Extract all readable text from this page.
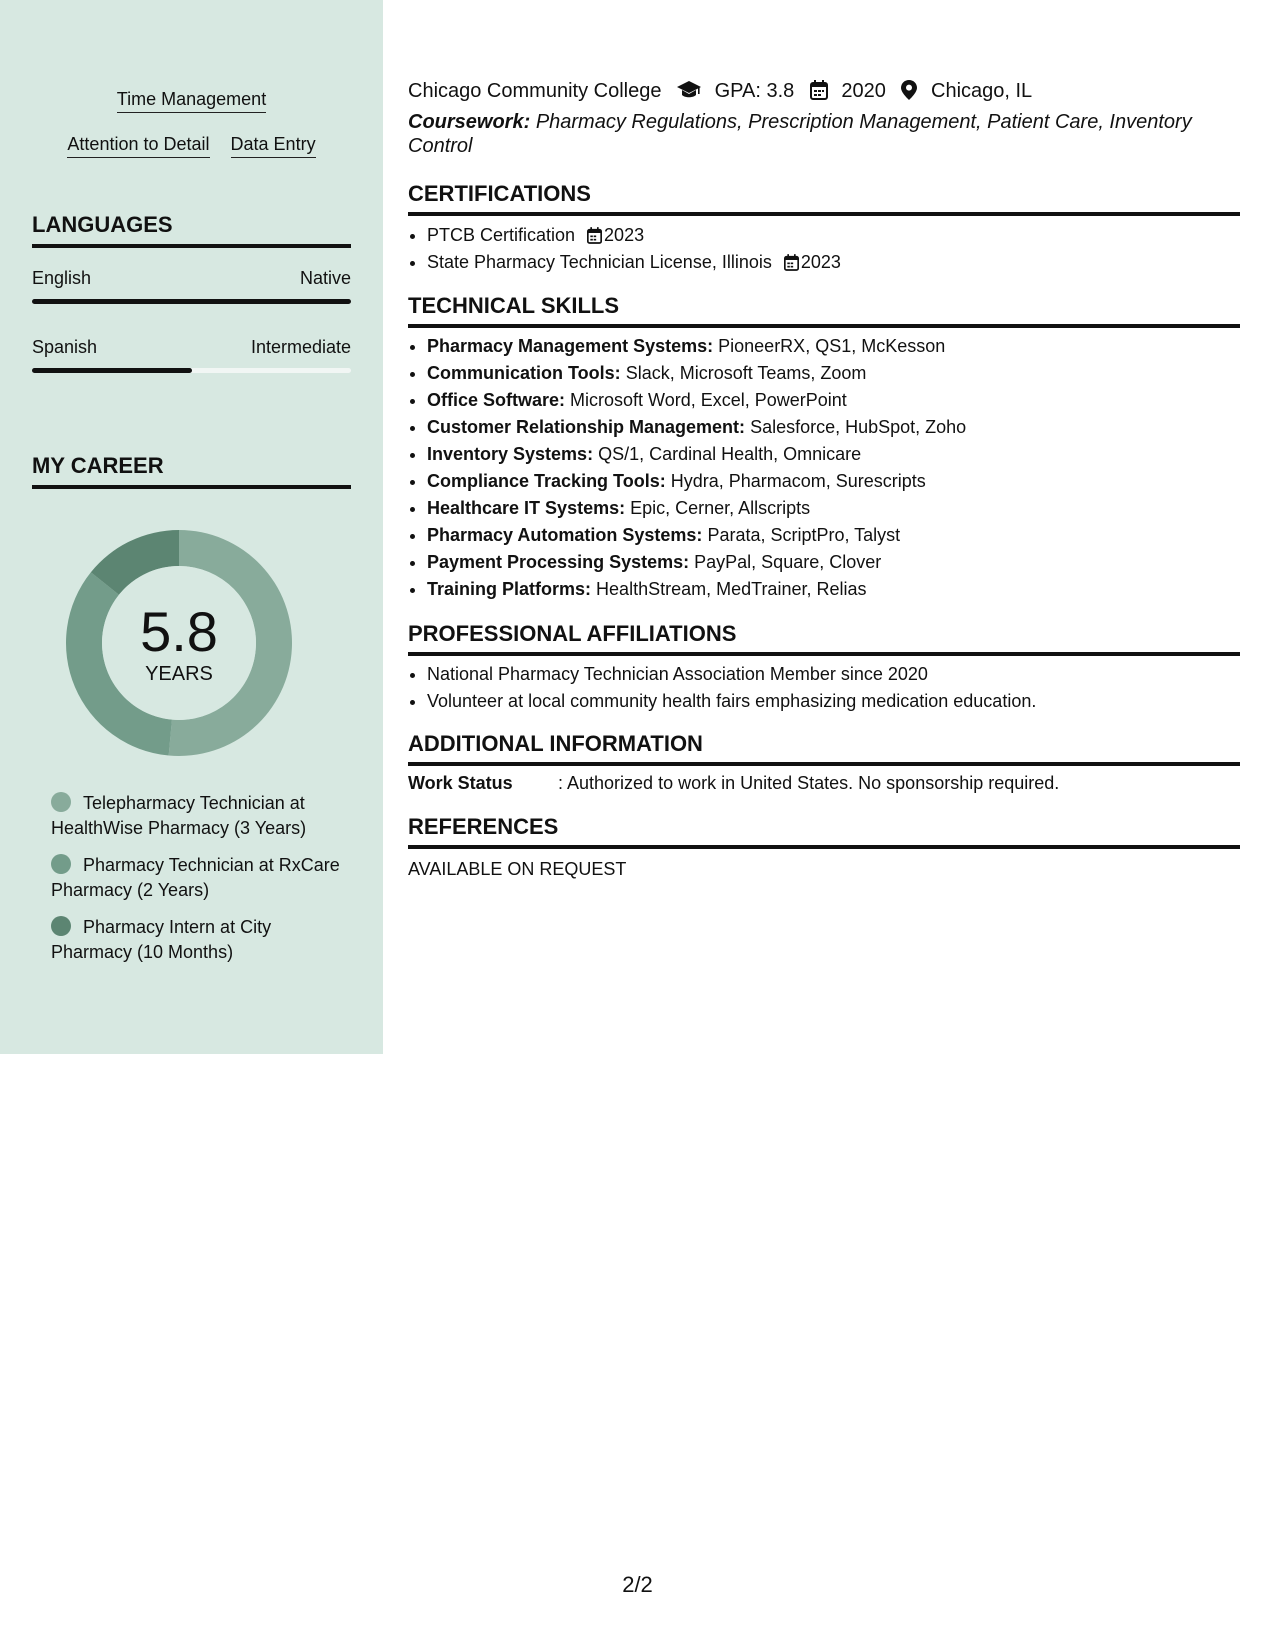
Time Management
Attention to Detail Data Entry
LANGUAGES
English	Native
Spanish	Intermediate
MY CAREER
5.8
YEARS
Telepharmacy Technician at HealthWise Pharmacy (3 Years)
Pharmacy Technician at RxCare Pharmacy (2 Years)
Pharmacy Intern at City Pharmacy (10 Months)
Chicago Community College	GPA: 3.8 2020 Chicago, IL
Coursework: Pharmacy Regulations, Prescription Management, Patient Care, Inventory Control
CERTIFICATIONS
• PTCB Certification 2023
• State Pharmacy Technician License, Illinois 2023
TECHNICAL SKILLS
• Pharmacy Management Systems: PioneerRX, QS1, McKesson
• Communication Tools: Slack, Microsoft Teams, Zoom
• Office Software: Microsoft Word, Excel, PowerPoint
• Customer Relationship Management: Salesforce, HubSpot, Zoho
• Inventory Systems: QS/1, Cardinal Health, Omnicare
• Compliance Tracking Tools: Hydra, Pharmacom, Surescripts
• Healthcare IT Systems: Epic, Cerner, Allscripts
• Pharmacy Automation Systems: Parata, ScriptPro, Talyst
• Payment Processing Systems: PayPal, Square, Clover
• Training Platforms: HealthStream, MedTrainer, Relias
PROFESSIONAL AFFILIATIONS
• National Pharmacy Technician Association Member since 2020
• Volunteer at local community health fairs emphasizing medication education.
ADDITIONAL INFORMATION
Work Status	: Authorized to work in United States. No sponsorship required.
REFERENCES
AVAILABLE ON REQUEST
2/2
